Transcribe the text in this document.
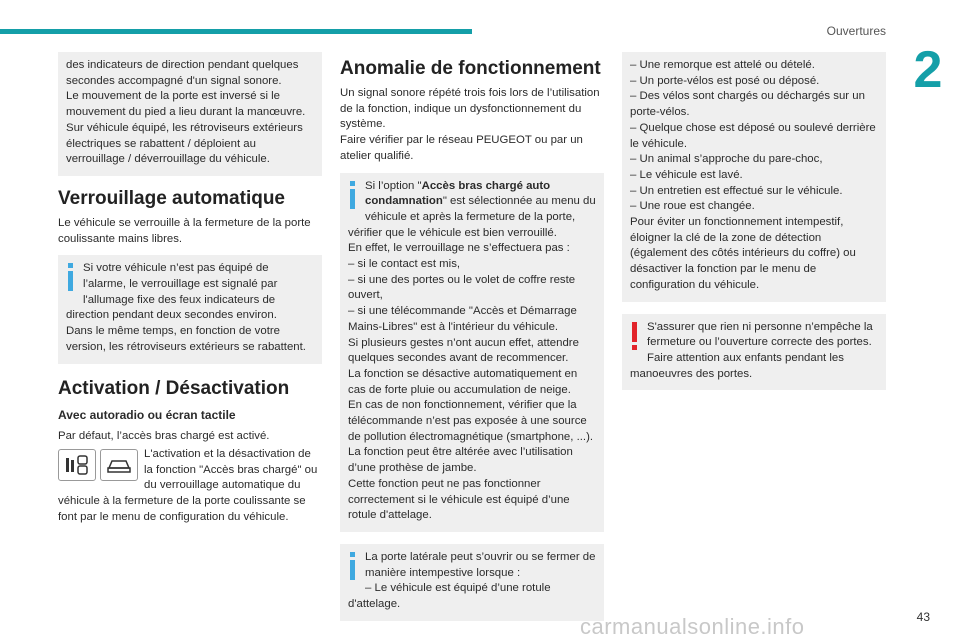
Ouvertures
2

des indicateurs de direction pendant quelques secondes accompagné d'un signal sonore.
Le mouvement de la porte est inversé si le mouvement du pied a lieu durant la manœuvre.
Sur véhicule équipé, les rétroviseurs extérieurs électriques se rabattent / déploient au verrouillage / déverrouillage du véhicule.

Verrouillage automatique

Le véhicule se verrouille à la fermeture de la porte coulissante mains libres.

Si votre véhicule n’est pas équipé de l’alarme, le verrouillage est signalé par l'allumage fixe des feux indicateurs de direction pendant deux secondes environ.
Dans le même temps, en fonction de votre version, les rétroviseurs extérieurs se rabattent.

Activation / Désactivation
Avec autoradio ou écran tactile

Par défaut, l’accès bras chargé est activé.

L'activation et la désactivation de la fonction "Accès bras chargé" ou du verrouillage automatique du véhicule à la fermeture de la porte coulissante se font par le menu de configuration du véhicule.

Anomalie de fonctionnement

Un signal sonore répété trois fois lors de l’utilisation de la fonction, indique un dysfonctionnement du système.
Faire vérifier par le réseau PEUGEOT ou par un atelier qualifié.

Si l’option "Accès bras chargé auto condamnation" est sélectionnée au menu du véhicule et après la fermeture de la porte, vérifier que le véhicule est bien verrouillé.
En effet, le verrouillage ne s’effectuera pas :
– si le contact est mis,
– si une des portes ou le volet de coffre reste ouvert,
– si une télécommande "Accès et Démarrage Mains-Libres" est à l'intérieur du véhicule.
Si plusieurs gestes n’ont aucun effet, attendre quelques secondes avant de recommencer.
La fonction se désactive automatiquement en cas de forte pluie ou accumulation de neige.
En cas de non fonctionnement, vérifier que la télécommande n’est pas exposée à une source de pollution électromagnétique (smartphone, ...).
La fonction peut être altérée avec l’utilisation d’une prothèse de jambe.
Cette fonction peut ne pas fonctionner correctement si le véhicule est équipé d’une rotule d'attelage.

La porte latérale peut s’ouvrir ou se fermer de manière intempestive lorsque :
– Le véhicule est équipé d’une rotule d'attelage.

– Une remorque est attelé ou dételé.
– Un porte-vélos est posé ou déposé.
– Des vélos sont chargés ou déchargés sur un porte-vélos.
– Quelque chose est déposé ou soulevé derrière le véhicule.
– Un animal s’approche du pare-choc,
– Le véhicule est lavé.
– Un entretien est effectué sur le véhicule.
– Une roue est changée.
Pour éviter un fonctionnement intempestif, éloigner la clé de la zone de détection (également des côtés intérieurs du coffre) ou désactiver la fonction par le menu de configuration du véhicule.

S'assurer que rien ni personne n’empêche la fermeture ou l’ouverture correcte des portes.
Faire attention aux enfants pendant les manoeuvres des portes.

carmanualsonline.info	43
